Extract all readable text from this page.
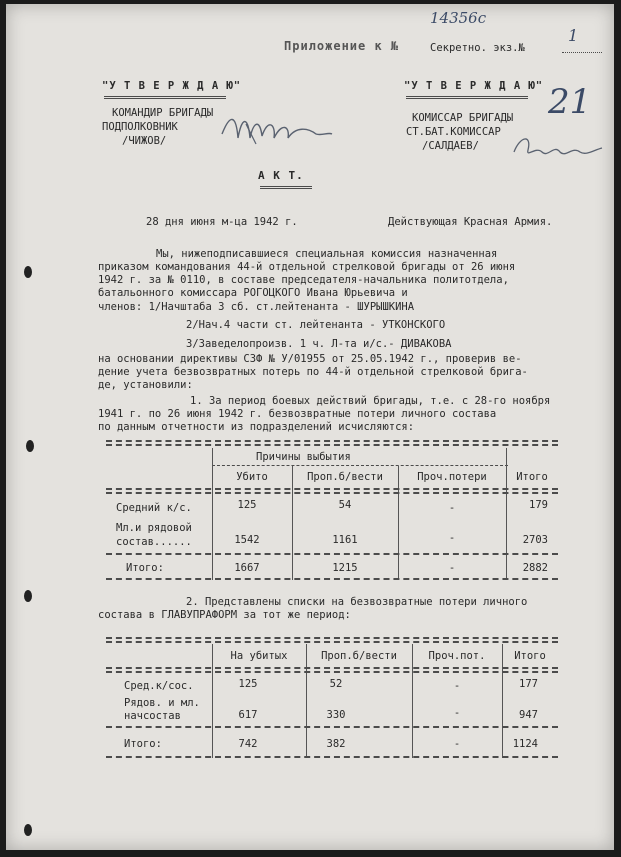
14356с
Приложение к №	Секретно. экз.№
1
21
"У Т В Е Р Ж Д А Ю"
КОМАНДИР БРИГАДЫ
ПОДПОЛКОВНИК
/ЧИЖОВ/
"У Т В Е Р Ж Д А Ю"
КОМИССАР БРИГАДЫ
СТ.БАТ.КОМИССАР
/САЛДАЕВ/
А К Т.
28 дня июня м-ца 1942 г.	Действующая Красная Армия.
Мы, нижеподписавшиеся специальная комиссия назначенная
приказом командования 44-й отдельной стрелковой бригады от 26 июня
1942 г. за № 0110, в составе председателя-начальника политотдела,
батальонного комиссара РОГОЦКОГО Ивана Юрьевича и
членов: 1/Начштаба 3 сб. ст.лейтенанта - ШУРЫШКИНА
2/Нач.4 части ст. лейтенанта - УТКОНСКОГО
3/Заведелопроизв. 1 ч. Л-та и/с.- ДИВАКОВА
на основании директивы СЗФ № У/01955 от 25.05.1942 г., проверив ве-
дение учета безвозвратных потерь по 44-й отдельной стрелковой брига-
де, установили:
1. За период боевых действий бригады, т.е. с 28-го ноября
1941 г. по 26 июня 1942 г. безвозвратные потери личного состава
по данным отчетности из подразделений исчисляются:
Причины выбытия
Убито	Проп.б/вести	Проч.потери	Итого
Средний к/с.	125	54	-	179
Мл.и рядовой
состав......	1542	1161	-	2703
Итого:	1667	1215	-	2882
2. Представлены списки на безвозвратные потери личного
состава в ГЛАВУПРАФОРМ за тот же период:
На убитых	Проп.б/вести	Проч.пот.	Итого
Сред.к/сос.	125	52	-	177
Рядов. и мл.
начсостав	617	330	-	947
Итого:	742	382	-	1124
